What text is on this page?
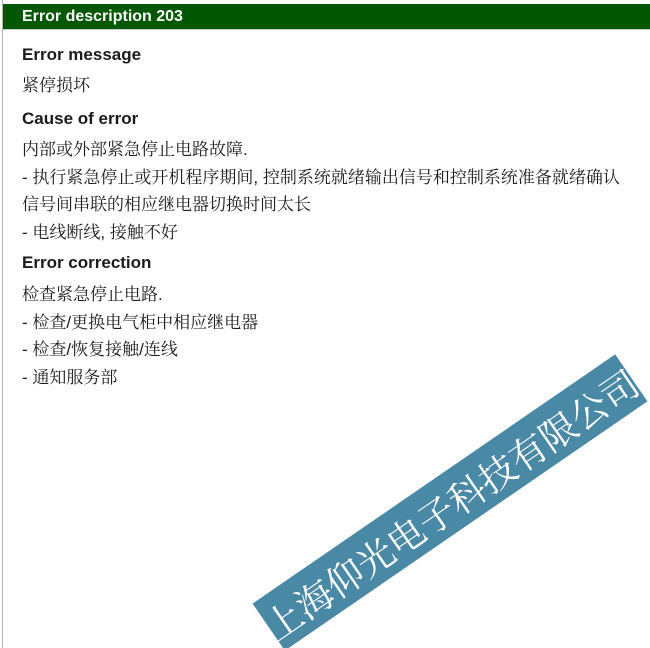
Error description 203
Error message
紧停损坏
Cause of error
内部或外部紧急停止电路故障.
- 执行紧急停止或开机程序期间, 控制系统就绪输出信号和控制系统准备就绪确认信号间串联的相应继电器切换时间太长
- 电线断线, 接触不好
Error correction
检查紧急停止电路.
- 检查/更换电气柜中相应继电器
- 检查/恢复接触/连线
- 通知服务部	上海仰光电子科技有限公司
